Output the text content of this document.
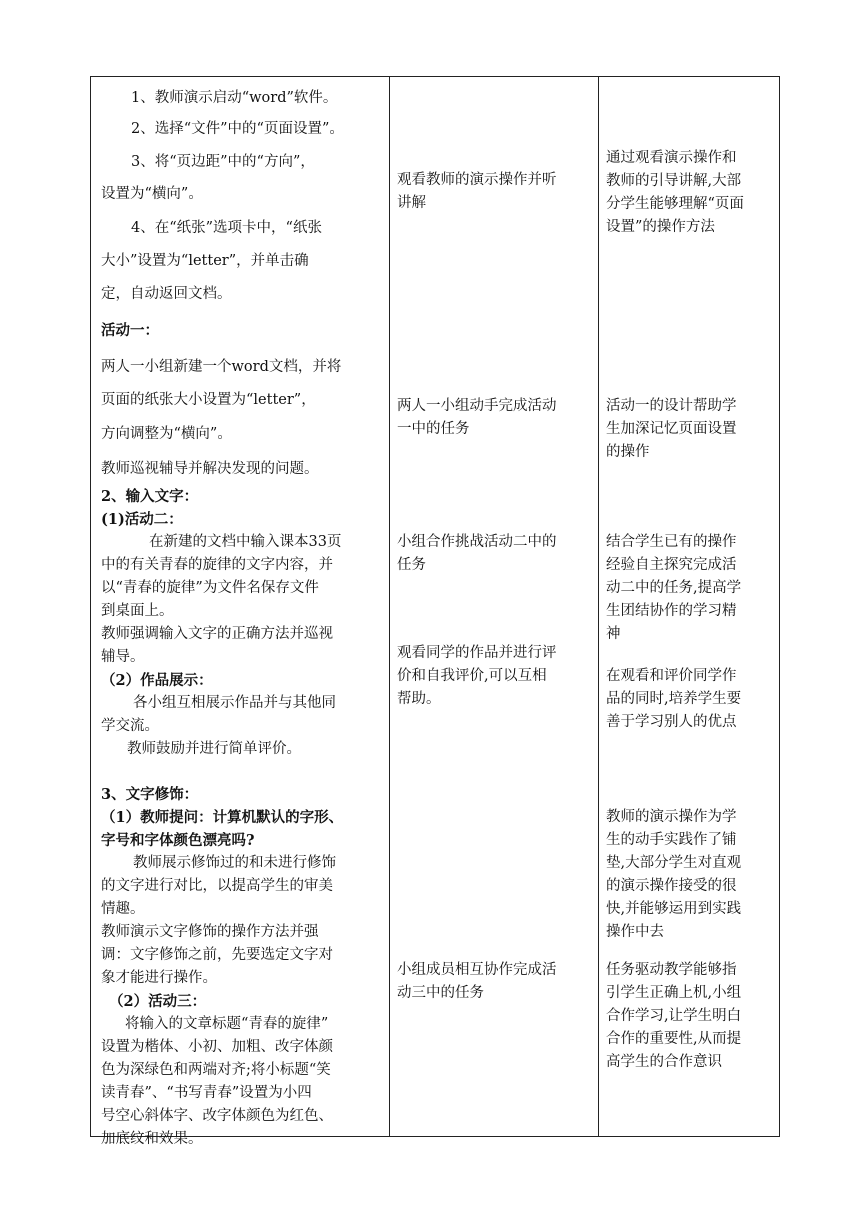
1、教师演示启动“word”软件。
2、选择“文件”中的“页面设置”。
3、将“页边距”中的“方向”，
设置为“横向”。
4、在“纸张”选项卡中，“纸张
大小”设置为“letter”，并单击确
定，自动返回文档。
活动一：
两人一小组新建一个word文档，并将
页面的纸张大小设置为“letter”，
方向调整为“横向”。
教师巡视辅导并解决发现的问题。
2、输入文字：
(1)活动二：
在新建的文档中输入课本33页
中的有关青春的旋律的文字内容，并
以“青春的旋律”为文件名保存文件
到桌面上。
教师强调输入文字的正确方法并巡视
辅导。
（2）作品展示：
各小组互相展示作品并与其他同
学交流。
教师鼓励并进行简单评价。
3、文字修饰：
（1）教师提问：计算机默认的字形、
字号和字体颜色漂亮吗?
教师展示修饰过的和未进行修饰
的文字进行对比，以提高学生的审美
情趣。
教师演示文字修饰的操作方法并强
调：文字修饰之前，先要选定文字对
象才能进行操作。
（2）活动三：
将输入的文章标题“青春的旋律”
设置为楷体、小初、加粗、改字体颜
色为深绿色和两端对齐;将小标题“笑
读青春”、“书写青春”设置为小四
号空心斜体字、改字体颜色为红色、
加底纹和效果。
观看教师的演示操作并听
讲解
两人一小组动手完成活动
一中的任务
小组合作挑战活动二中的
任务
观看同学的作品并进行评
价和自我评价,可以互相
帮助。
小组成员相互协作完成活
动三中的任务
通过观看演示操作和
教师的引导讲解,大部
分学生能够理解“页面
设置”的操作方法
活动一的设计帮助学
生加深记忆页面设置
的操作
结合学生已有的操作
经验自主探究完成活
动二中的任务,提高学
生团结协作的学习精
神
在观看和评价同学作
品的同时,培养学生要
善于学习别人的优点
教师的演示操作为学
生的动手实践作了铺
垫,大部分学生对直观
的演示操作接受的很
快,并能够运用到实践
操作中去
任务驱动教学能够指
引学生正确上机,小组
合作学习,让学生明白
合作的重要性,从而提
高学生的合作意识
